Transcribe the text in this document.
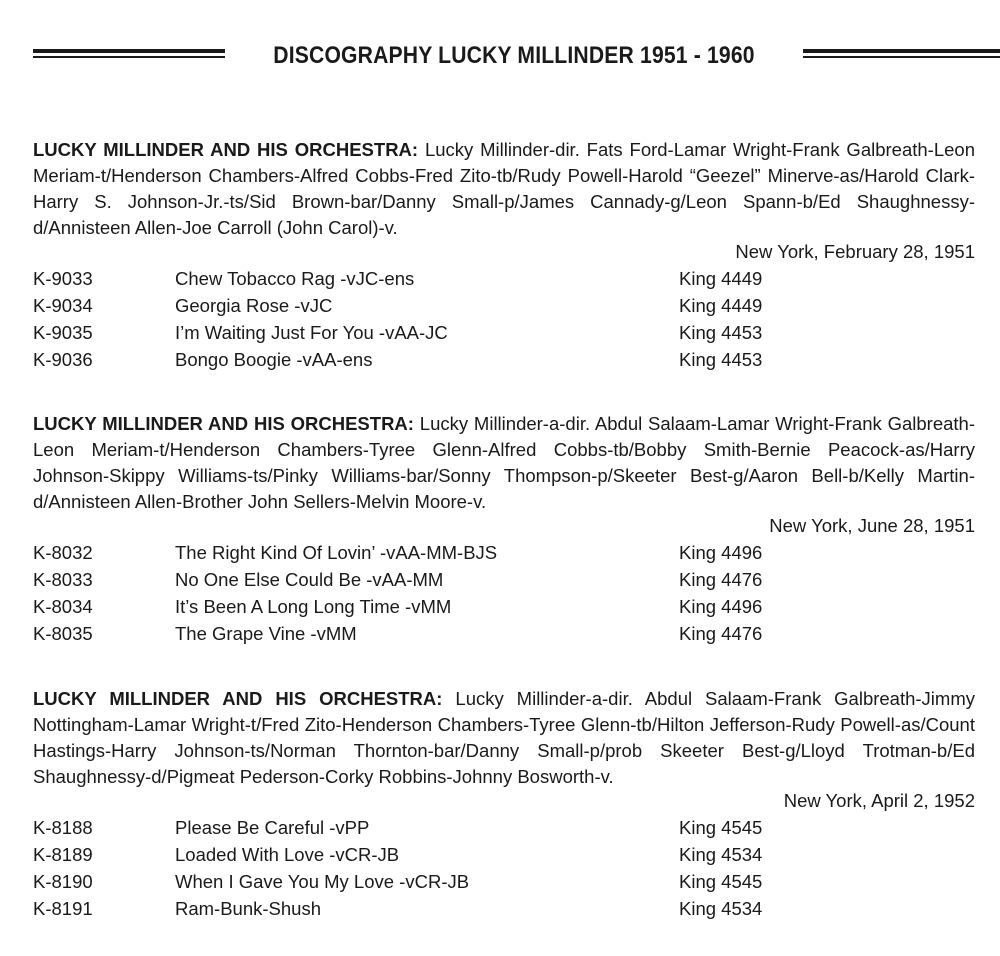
DISCOGRAPHY LUCKY MILLINDER 1951 - 1960

LUCKY MILLINDER AND HIS ORCHESTRA: Lucky Millinder-dir. Fats Ford-Lamar Wright-Frank Galbreath-Leon Meriam-t/Henderson Chambers-Alfred Cobbs-Fred Zito-tb/Rudy Powell-Harold “Geezel” Minerve-as/Harold Clark-Harry S. Johnson-Jr.-ts/Sid Brown-bar/Danny Small-p/James Cannady-g/Leon Spann-b/Ed Shaughnessy-d/Annisteen Allen-Joe Carroll (John Carol)-v.

New York, February 28, 1951
K-9033	Chew Tobacco Rag -vJC-ens	King 4449
K-9034	Georgia Rose -vJC	King 4449
K-9035	I’m Waiting Just For You -vAA-JC	King 4453
K-9036	Bongo Boogie -vAA-ens	King 4453

LUCKY MILLINDER AND HIS ORCHESTRA: Lucky Millinder-a-dir. Abdul Salaam-Lamar Wright-Frank Galbreath-Leon Meriam-t/Henderson Chambers-Tyree Glenn-Alfred Cobbs-tb/Bobby Smith-Bernie Peacock-as/Harry Johnson-Skippy Williams-ts/Pinky Williams-bar/Sonny Thompson-p/Skeeter Best-g/Aaron Bell-b/Kelly Martin-d/Annisteen Allen-Brother John Sellers-Melvin Moore-v.

New York, June 28, 1951
K-8032	The Right Kind Of Lovin’ -vAA-MM-BJS	King 4496
K-8033	No One Else Could Be -vAA-MM	King 4476
K-8034	It’s Been A Long Long Time -vMM	King 4496
K-8035	The Grape Vine -vMM	King 4476

LUCKY MILLINDER AND HIS ORCHESTRA: Lucky Millinder-a-dir. Abdul Salaam-Frank Galbreath-Jimmy Nottingham-Lamar Wright-t/Fred Zito-Henderson Chambers-Tyree Glenn-tb/Hilton Jefferson-Rudy Powell-as/Count Hastings-Harry Johnson-ts/Norman Thornton-bar/Danny Small-p/prob Skeeter Best-g/Lloyd Trotman-b/Ed Shaughnessy-d/Pigmeat Pederson-Corky Robbins-Johnny Bosworth-v.

New York, April 2, 1952
K-8188	Please Be Careful -vPP	King 4545
K-8189	Loaded With Love -vCR-JB	King 4534
K-8190	When I Gave You My Love -vCR-JB	King 4545
K-8191	Ram-Bunk-Shush	King 4534
